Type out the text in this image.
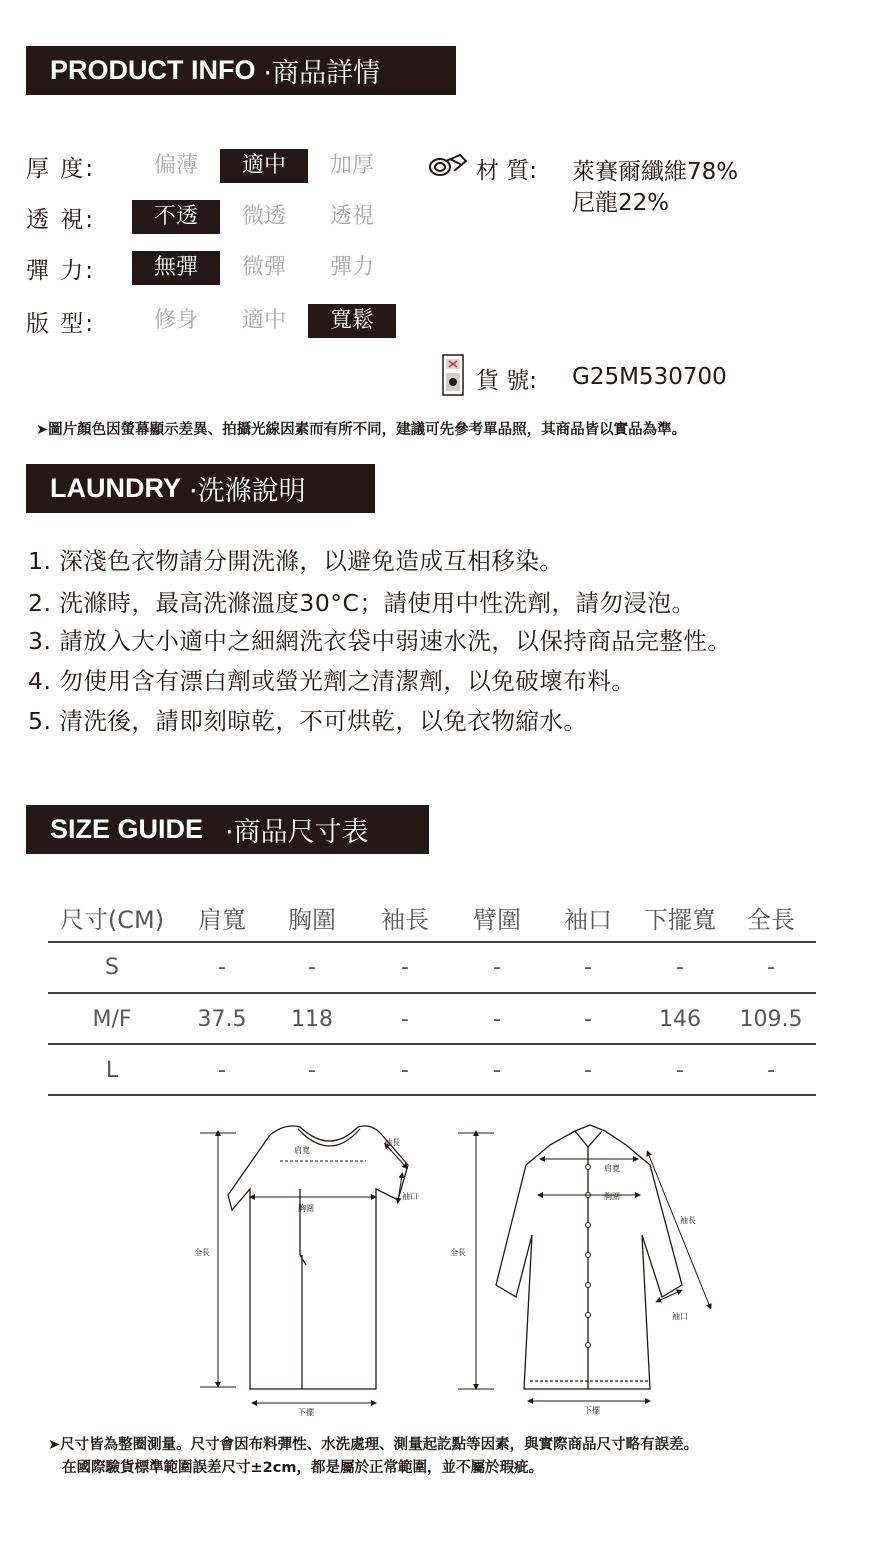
PRODUCT INFO ·商品詳情
厚 度:	偏薄	適中	加厚
透 視:	不透	微透	透視
彈 力:	無彈	微彈	彈力
版 型:	修身	適中	寬鬆
材 質: 萊賽爾纖維78%
尼龍22%
貨 號: G25M530700
➤圖片顏色因螢幕顯示差異、拍攝光線因素而有所不同，建議可先參考單品照，其商品皆以實品為準。
LAUNDRY ·洗滌說明
1. 深淺色衣物請分開洗滌，以避免造成互相移染。
2. 洗滌時，最高洗滌溫度30°C；請使用中性洗劑，請勿浸泡。
3. 請放入大小適中之細網洗衣袋中弱速水洗，以保持商品完整性。
4. 勿使用含有漂白劑或螢光劑之清潔劑，以免破壞布料。
5. 清洗後，請即刻晾乾，不可烘乾，以免衣物縮水。
SIZE GUIDE ·商品尺寸表
尺寸(CM)	肩寬	胸圍	袖長	臂圍	袖口	下擺寬	全長
S	-	-	-	-	-	-	-
M/F	37.5	118	-	-	-	146	109.5
L	-	-	-	-	-	-	-
全長
肩寬
胸圍
袖長
袖口
下擺
全長
肩寬
胸圍
袖長
袖口
下擺
➤尺寸皆為整圈測量。尺寸會因布料彈性、水洗處理、測量起訖點等因素，與實際商品尺寸略有誤差。
在國際驗貨標準範圍誤差尺寸±2cm，都是屬於正常範圍，並不屬於瑕疵。
